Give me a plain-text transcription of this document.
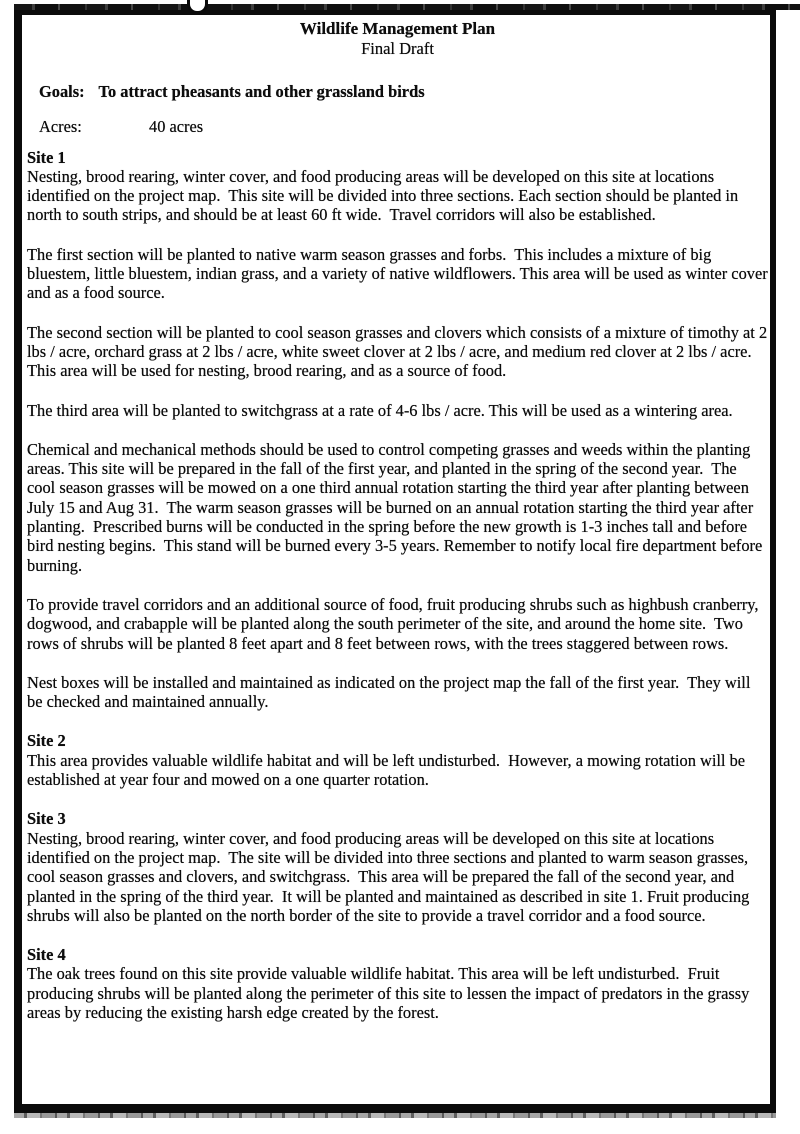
Wildlife Management Plan
Final Draft
Goals: To attract pheasants and other grassland birds
Acres:	40 acres
Site 1

Nesting, brood rearing, winter cover, and food producing areas will be developed on this site at locations identified on the project map.  This site will be divided into three sections. Each section should be planted in north to south strips, and should be at least 60 ft wide.  Travel corridors will also be established.

The first section will be planted to native warm season grasses and forbs.  This includes a mixture of big bluestem, little bluestem, indian grass, and a variety of native wildflowers. This area will be used as winter cover and as a food source.

The second section will be planted to cool season grasses and clovers which consists of a mixture of timothy at 2 lbs / acre, orchard grass at 2 lbs / acre, white sweet clover at 2 lbs / acre, and medium red clover at 2 lbs / acre.  This area will be used for nesting, brood rearing, and as a source of food.

The third area will be planted to switchgrass at a rate of 4-6 lbs / acre. This will be used as a wintering area.

Chemical and mechanical methods should be used to control competing grasses and weeds within the planting areas. This site will be prepared in the fall of the first year, and planted in the spring of the second year.  The cool season grasses will be mowed on a one third annual rotation starting the third year after planting between July 15 and Aug 31.  The warm season grasses will be burned on an annual rotation starting the third year after planting.  Prescribed burns will be conducted in the spring before the new growth is 1-3 inches tall and before bird nesting begins.  This stand will be burned every 3-5 years. Remember to notify local fire department before burning.

To provide travel corridors and an additional source of food, fruit producing shrubs such as highbush cranberry, dogwood, and crabapple will be planted along the south perimeter of the site, and around the home site.  Two rows of shrubs will be planted 8 feet apart and 8 feet between rows, with the trees staggered between rows.

Nest boxes will be installed and maintained as indicated on the project map the fall of the first year.  They will be checked and maintained annually.

Site 2

This area provides valuable wildlife habitat and will be left undisturbed.  However, a mowing rotation will be established at year four and mowed on a one quarter rotation.

Site 3

Nesting, brood rearing, winter cover, and food producing areas will be developed on this site at locations identified on the project map.  The site will be divided into three sections and planted to warm season grasses, cool season grasses and clovers, and switchgrass.  This area will be prepared the fall of the second year, and planted in the spring of the third year.  It will be planted and maintained as described in site 1. Fruit producing shrubs will also be planted on the north border of the site to provide a travel corridor and a food source.

Site 4

The oak trees found on this site provide valuable wildlife habitat. This area will be left undisturbed.  Fruit producing shrubs will be planted along the perimeter of this site to lessen the impact of predators in the grassy areas by reducing the existing harsh edge created by the forest.
